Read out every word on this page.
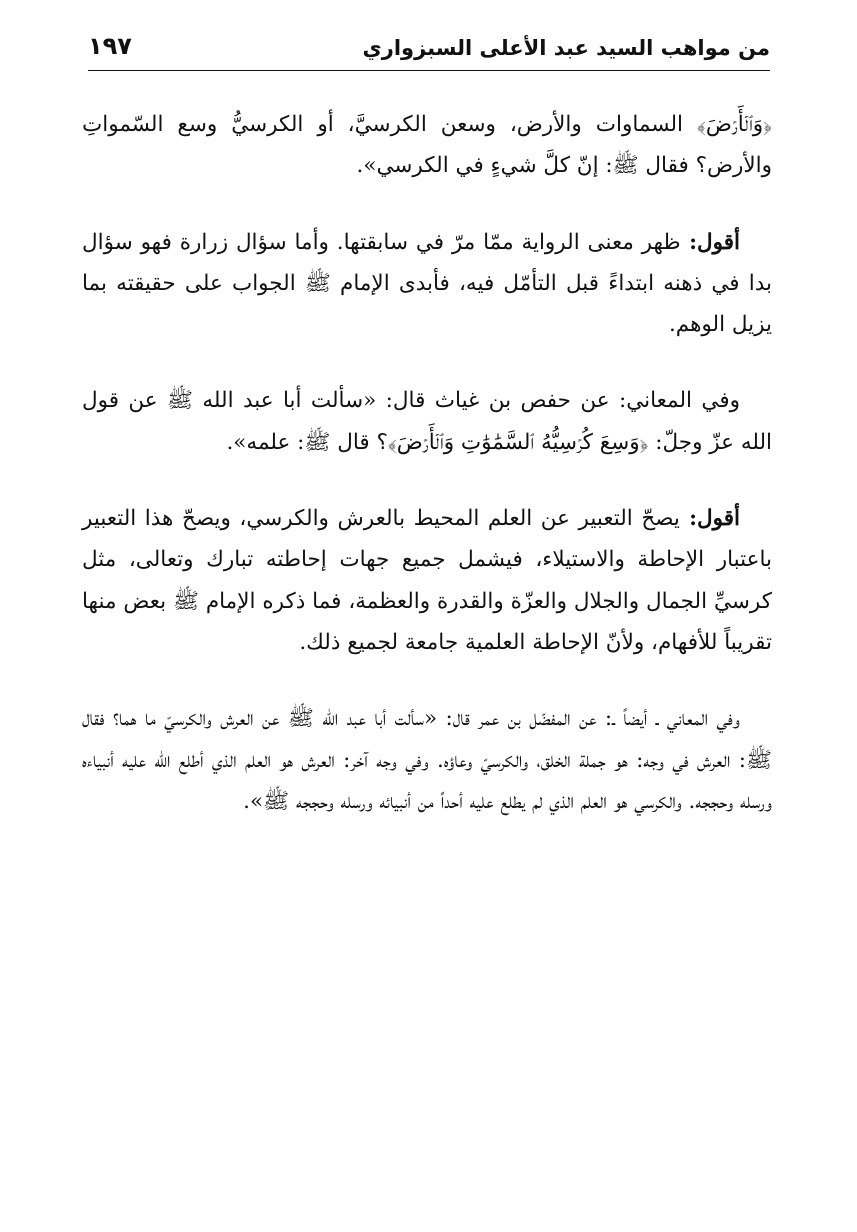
من مواهب السيد عبد الأعلى السبزواري
١٩٧

﴿وَٱلۡأَرۡضَ﴾ السماوات والأرض، وسعن الكرسيَّ، أو الكرسيُّ وسع السّمواتِ والأرض؟ فقال ﷺ: إنّ كلَّ شيءٍ في الكرسي».

أقول: ظهر معنى الرواية ممّا مرّ في سابقتها. وأما سؤال زرارة فهو سؤال بدا في ذهنه ابتداءً قبل التأمّل فيه، فأبدى الإمام ﷺ الجواب على حقيقته بما يزيل الوهم.

وفي المعاني: عن حفص بن غياث قال: «سألت أبا عبد الله ﷺ عن قول الله عزّ وجلّ: ﴿وَسِعَ كُرۡسِيُّهُ ٱلسَّمَٰوَٰتِ وَٱلۡأَرۡضَ﴾؟ قال ﷺ: علمه».

أقول: يصحّ التعبير عن العلم المحيط بالعرش والكرسي، ويصحّ هذا التعبير باعتبار الإحاطة والاستيلاء، فيشمل جميع جهات إحاطته تبارك وتعالى، مثل كرسيِّ الجمال والجلال والعزّة والقدرة والعظمة، فما ذكره الإمام ﷺ بعض منها تقريباً للأفهام، ولأنّ الإحاطة العلمية جامعة لجميع ذلك.

وفي المعاني ـ أيضاً ـ: عن المفضّل بن عمر قال: «سألت أبا عبد الله ﷺ عن العرش والكرسيّ ما هما؟ فقال ﷺ: العرش في وجه: هو جملة الخلق، والكرسيّ وعاؤه. وفي وجه آخر: العرش هو العلم الذي أطلع الله عليه أنبياءه ورسله وحججه. والكرسي هو العلم الذي لم يطلع عليه أحداً من أنبيائه ورسله وحججه ﷺ».
